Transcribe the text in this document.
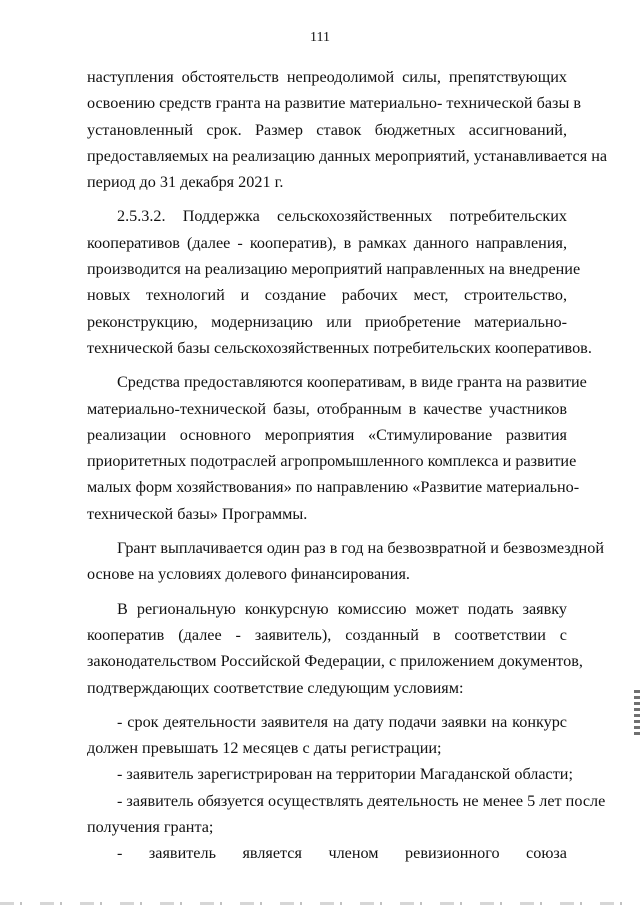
111
наступления обстоятельств непреодолимой силы, препятствующих
освоению средств гранта на развитие материально- технической базы в
установленный срок. Размер ставок бюджетных ассигнований,
предоставляемых на реализацию данных мероприятий, устанавливается на
период до 31 декабря 2021 г.
2.5.3.2. Поддержка сельскохозяйственных потребительских
кооперативов (далее - кооператив), в рамках данного направления,
производится на реализацию мероприятий направленных на внедрение
новых технологий и создание рабочих мест, строительство,
реконструкцию, модернизацию или приобретение материально-
технической базы сельскохозяйственных потребительских кооперативов.
Средства предоставляются кооперативам, в виде гранта на развитие
материально-технической базы, отобранным в качестве участников
реализации основного мероприятия «Стимулирование развития
приоритетных подотраслей агропромышленного комплекса и развитие
малых форм хозяйствования» по направлению «Развитие материально-
технической базы» Программы.
Грант выплачивается один раз в год на безвозвратной и безвозмездной
основе на условиях долевого финансирования.
В региональную конкурсную комиссию может подать заявку
кооператив (далее - заявитель), созданный в соответствии с
законодательством Российской Федерации, с приложением документов,
подтверждающих соответствие следующим условиям:
- срок деятельности заявителя на дату подачи заявки на конкурс
должен превышать 12 месяцев с даты регистрации;
- заявитель зарегистрирован на территории Магаданской области;
- заявитель обязуется осуществлять деятельность не менее 5 лет после
получения гранта;
- заявитель является членом ревизионного союза
